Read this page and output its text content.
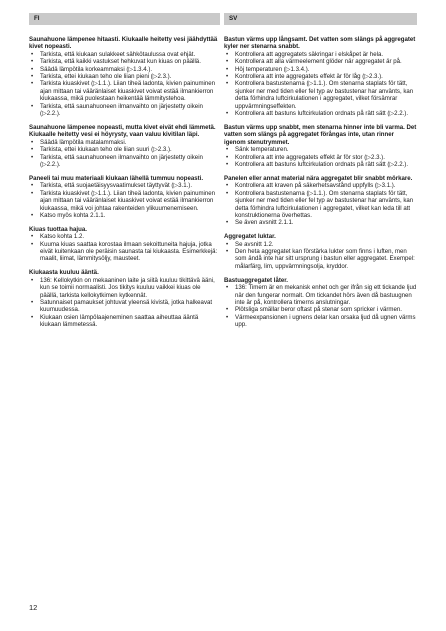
FI

Saunahuone lämpenee hitaasti. Kiukaalle heitetty vesi jäähdyttää kivet nopeasti.

• Tarkista, että kiukaan sulakkeet sähkötaulussa ovat ehjät.
• Tarkista, että kaikki vastukset hehkuvat kun kiuas on päällä.
• Säädä lämpötila korkeammaksi (▷1.3.4.).
• Tarkista, ettei kiukaan teho ole liian pieni (▷2.3.).
• Tarkista kiuaskivet (▷1.1.). Liian tiheä ladonta, kivien painuminen ajan mittaan tai vääränlaiset kiuaskivet voivat estää ilmankierron kiukaassa, mikä puolestaan heikentää lämmitystehoa.
• Tarkista, että saunahuoneen ilmanvaihto on järjestetty oikein (▷2.2.).

Saunahuone lämpenee nopeasti, mutta kivet eivät ehdi lämmetä. Kiukaalle heitetty vesi ei höyrysty, vaan valuu kivitilan läpi.

• Säädä lämpötila matalammaksi.
• Tarkista, ettei kiukaan teho ole liian suuri (▷2.3.).
• Tarkista, että saunahuoneen ilmanvaihto on järjestetty oikein (▷2.2.).

Paneeli tai muu materiaali kiukaan lähellä tummuu nopeasti.

• Tarkista, että suojaetäisyysvaatimukset täyttyvät (▷3.1.).
• Tarkista kiuaskivet (▷1.1.). Liian tiheä ladonta, kivien painuminen ajan mittaan tai vääränlaiset kiuaskivet voivat estää ilmankierron kiukaassa, mikä voi johtaa rakenteiden ylikuumenemiseen.
• Katso myös kohta 2.1.1.

Kiuas tuottaa hajua.

• Katso kohta 1.2.
• Kuuma kiuas saattaa korostaa ilmaan sekoittuneita hajuja, jotka eivät kuitenkaan ole peräisin saunasta tai kiukaasta. Esimerkkejä: maalit, liimat, lämmitysöljy, mausteet.

Kiukaasta kuuluu ääntä.

• 136: Kellokytkin on mekaaninen laite ja siitä kuuluu tikittävä ääni, kun se toimii normaalisti. Jos tikitys kuuluu vaikkei kiuas ole päällä, tarkista kellokytkimen kytkennät.
• Satunnaiset pamaukset johtuvat yleensä kivistä, jotka halkeavat kuumuudessa.
• Kiukaan osien lämpölaajeneminen saattaa aiheuttaa ääntä kiukaan lämmetessä.
SV

Bastun värms upp långsamt. Det vatten som slängs på aggregatet kyler ner stenarna snabbt.

• Kontrollera att aggregatets säkringar i elskåpet är hela.
• Kontrollera att alla värmeelement glöder när aggregatet är på.
• Höj temperaturen (▷1.3.4.).
• Kontrollera att inte aggregatets effekt är för låg (▷2.3.).
• Kontrollera bastustenarna (▷1.1.). Om stenarna staplats för tätt, sjunker ner med tiden eller fel typ av bastustenar har använts, kan detta förhindra luftcirkulationen i aggregatet, vilket försämrar uppvärmningseffekten.
• Kontrollera att bastuns luftcirkulation ordnats på rätt sätt (▷2.2.).

Bastun värms upp snabbt, men stenarna hinner inte bli varma. Det vatten som slängs på aggregatet förångas inte, utan rinner igenom stenutrymmet.

• Sänk temperaturen.
• Kontrollera att inte aggregatets effekt är för stor (▷2.3.).
• Kontrollera att bastuns luftcirkulation ordnats på rätt sätt (▷2.2.).

Panelen eller annat material nära aggregatet blir snabbt mörkare.

• Kontrollera att kraven på säkerhetsavstånd uppfylls (▷3.1.).
• Kontrollera bastustenarna (▷1.1.). Om stenarna staplats för tätt, sjunker ner med tiden eller fel typ av bastustenar har använts, kan detta förhindra luftcirkulationen i aggregatet, vilket kan leda till att konstruktionerna överhettas.
• Se även avsnitt 2.1.1.

Aggregatet luktar.

• Se avsnitt 1.2.
• Den heta aggregatet kan förstärka lukter som finns i luften, men som ändå inte har sitt ursprung i bastun eller aggregatet. Exempel: målarfärg, lim, uppvärmningsolja, kryddor.

Bastuaggregatet låter.

• 136: Timern är en mekanisk enhet och ger ifrån sig ett tickande ljud när den fungerar normalt. Om tickandet hörs även då bastuugnen inte är på, kontrollera timerns anslutningar.
• Plötsliga smällar beror oftast på stenar som spricker i värmen.
• Värmeexpansionen i ugnens delar kan orsaka ljud då ugnen värms upp.
12
